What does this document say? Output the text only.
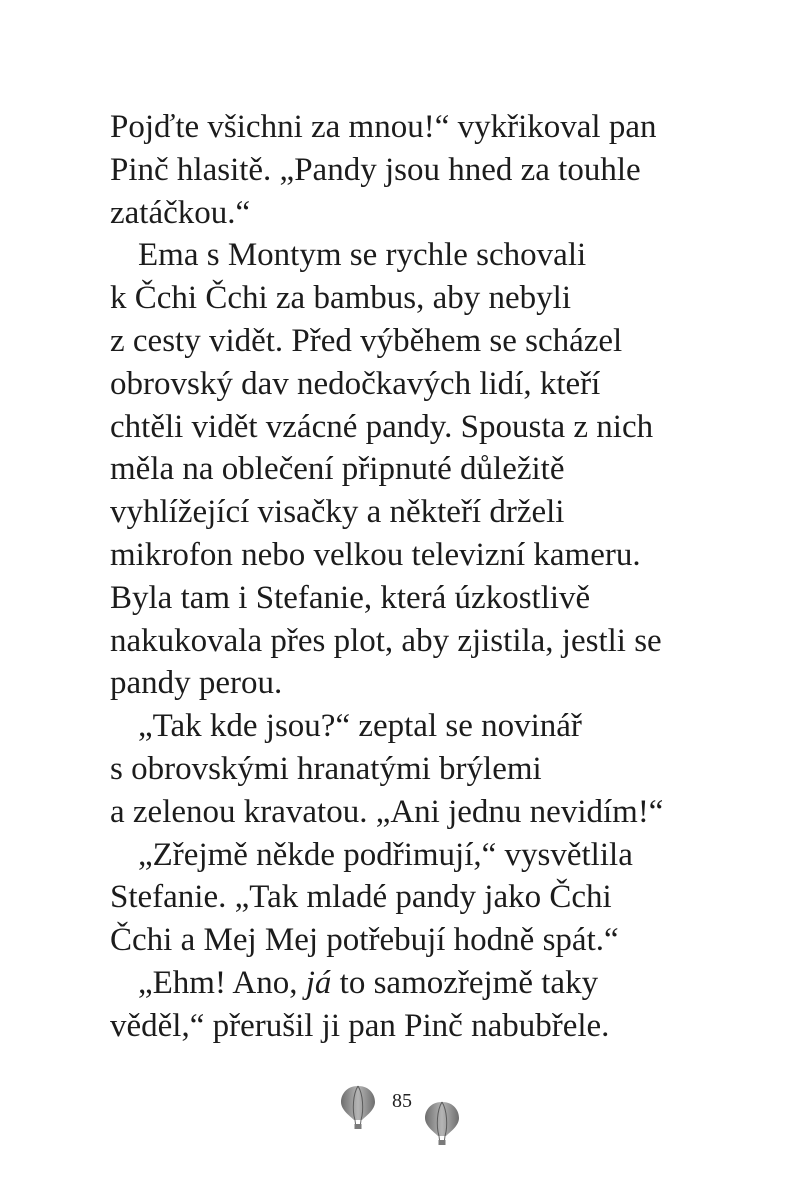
Pojďte všichni za mnou!“ vykřikoval pan
Pinč hlasitě. „Pandy jsou hned za touhle
zatáčkou.“
Ema s Montym se rychle schovali
k Čchi Čchi za bambus, aby nebyli
z cesty vidět. Před výběhem se scházel
obrovský dav nedočkavých lidí, kteří
chtěli vidět vzácné pandy. Spousta z nich
měla na oblečení připnuté důležitě
vyhlížející visačky a někteří drželi
mikrofon nebo velkou televizní kameru.
Byla tam i Stefanie, která úzkostlivě
nakukovala přes plot, aby zjistila, jestli se
pandy perou.
„Tak kde jsou?“ zeptal se novinář
s obrovskými hranatými brýlemi
a zelenou kravatou. „Ani jednu nevidím!“
„Zřejmě někde podřimují,“ vysvětlila
Stefanie. „Tak mladé pandy jako Čchi
Čchi a Mej Mej potřebují hodně spát.“
„Ehm! Ano, já to samozřejmě taky
věděl,“ přerušil ji pan Pinč nabubřele.
85
